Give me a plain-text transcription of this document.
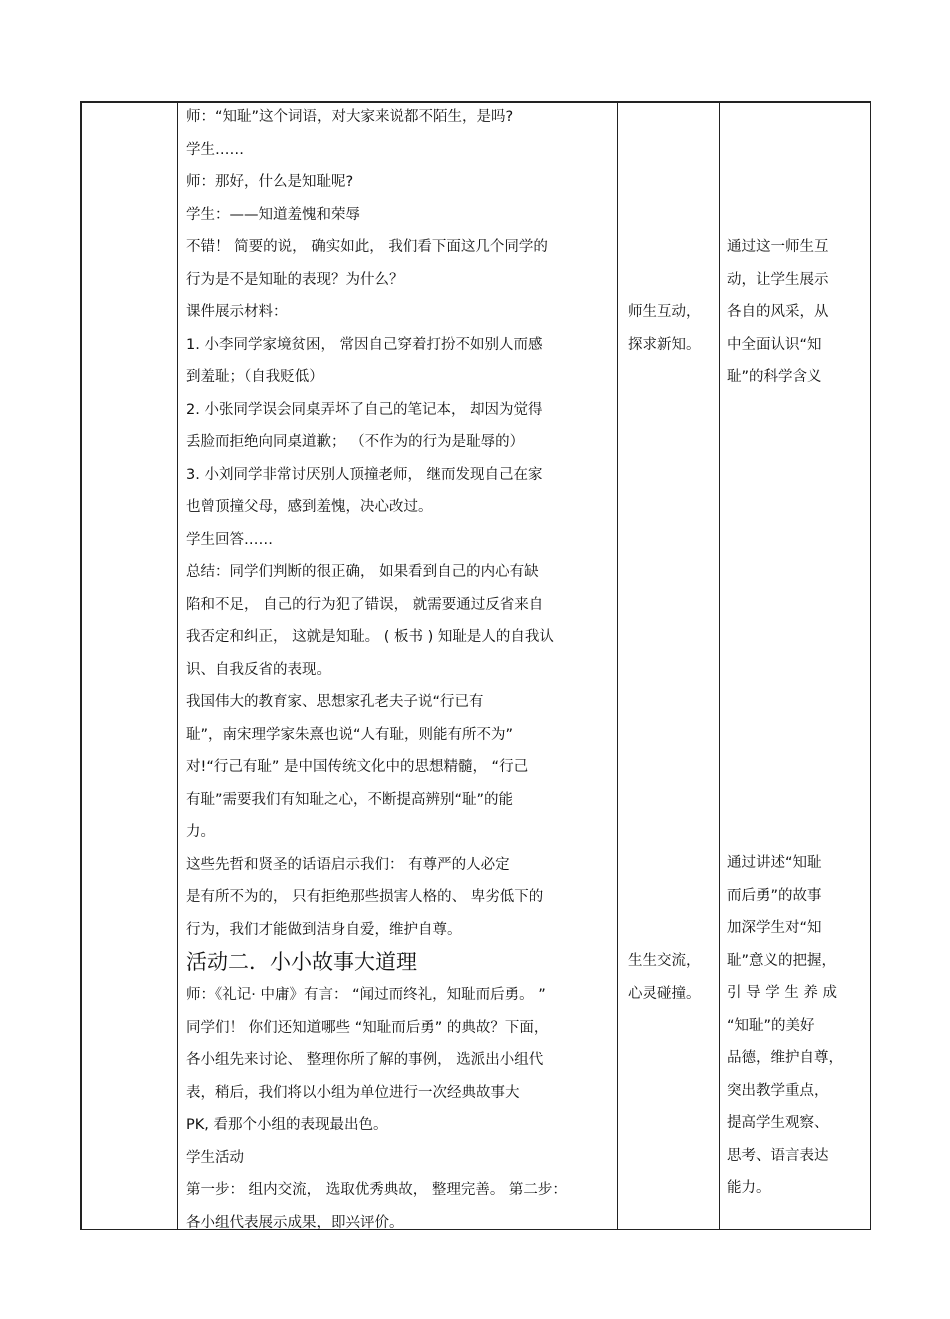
师：“知耻”这个词语，对大家来说都不陌生，是吗?
学生……
师：那好，什么是知耻呢?
学生：——知道羞愧和荣辱
不错！ 简要的说， 确实如此， 我们看下面这几个同学的
行为是不是知耻的表现？为什么？
课件展示材料：
1. 小李同学家境贫困， 常因自己穿着打扮不如别人而感
到羞耻；（自我贬低）
2. 小张同学误会同桌弄坏了自己的笔记本， 却因为觉得
丢脸而拒绝向同桌道歉； （不作为的行为是耻辱的）
3. 小刘同学非常讨厌别人顶撞老师， 继而发现自己在家
也曾顶撞父母，感到羞愧，决心改过。
学生回答……
总结：同学们判断的很正确， 如果看到自己的内心有缺
陷和不足， 自己的行为犯了错误， 就需要通过反省来自
我否定和纠正， 这就是知耻。 ( 板书 ) 知耻是人的自我认
识、自我反省的表现。
我国伟大的教育家、思想家孔老夫子说“行已有
耻”，南宋理学家朱熹也说“人有耻，则能有所不为”
对!“行己有耻” 是中国传统文化中的思想精髓， “行己
有耻”需要我们有知耻之心，不断提高辨别“耻”的能
力。
这些先哲和贤圣的话语启示我们： 有尊严的人必定
是有所不为的， 只有拒绝那些损害人格的、 卑劣低下的
行为，我们才能做到洁身自爱，维护自尊。
活动二．小小故事大道理
师：《礼记· 中庸》有言： “闻过而终礼，知耻而后勇。 ”
同学们！ 你们还知道哪些 “知耻而后勇” 的典故？下面，
各小组先来讨论、 整理你所了解的事例， 选派出小组代
表，稍后，我们将以小组为单位进行一次经典故事大
PK, 看那个小组的表现最出色。
学生活动
第一步： 组内交流， 选取优秀典故， 整理完善。 第二步：
各小组代表展示成果，即兴评价。
师生互动，
探求新知。
通过这一师生互
动，让学生展示
各自的风采，从
中全面认识“知
耻”的科学含义
生生交流，
心灵碰撞。
通过讲述“知耻
而后勇”的故事
加深学生对“知
耻”意义的把握，
引 导 学 生 养 成
“知耻”的美好
品德，维护自尊，
突出教学重点，
提高学生观察、
思考、语言表达
能力。
